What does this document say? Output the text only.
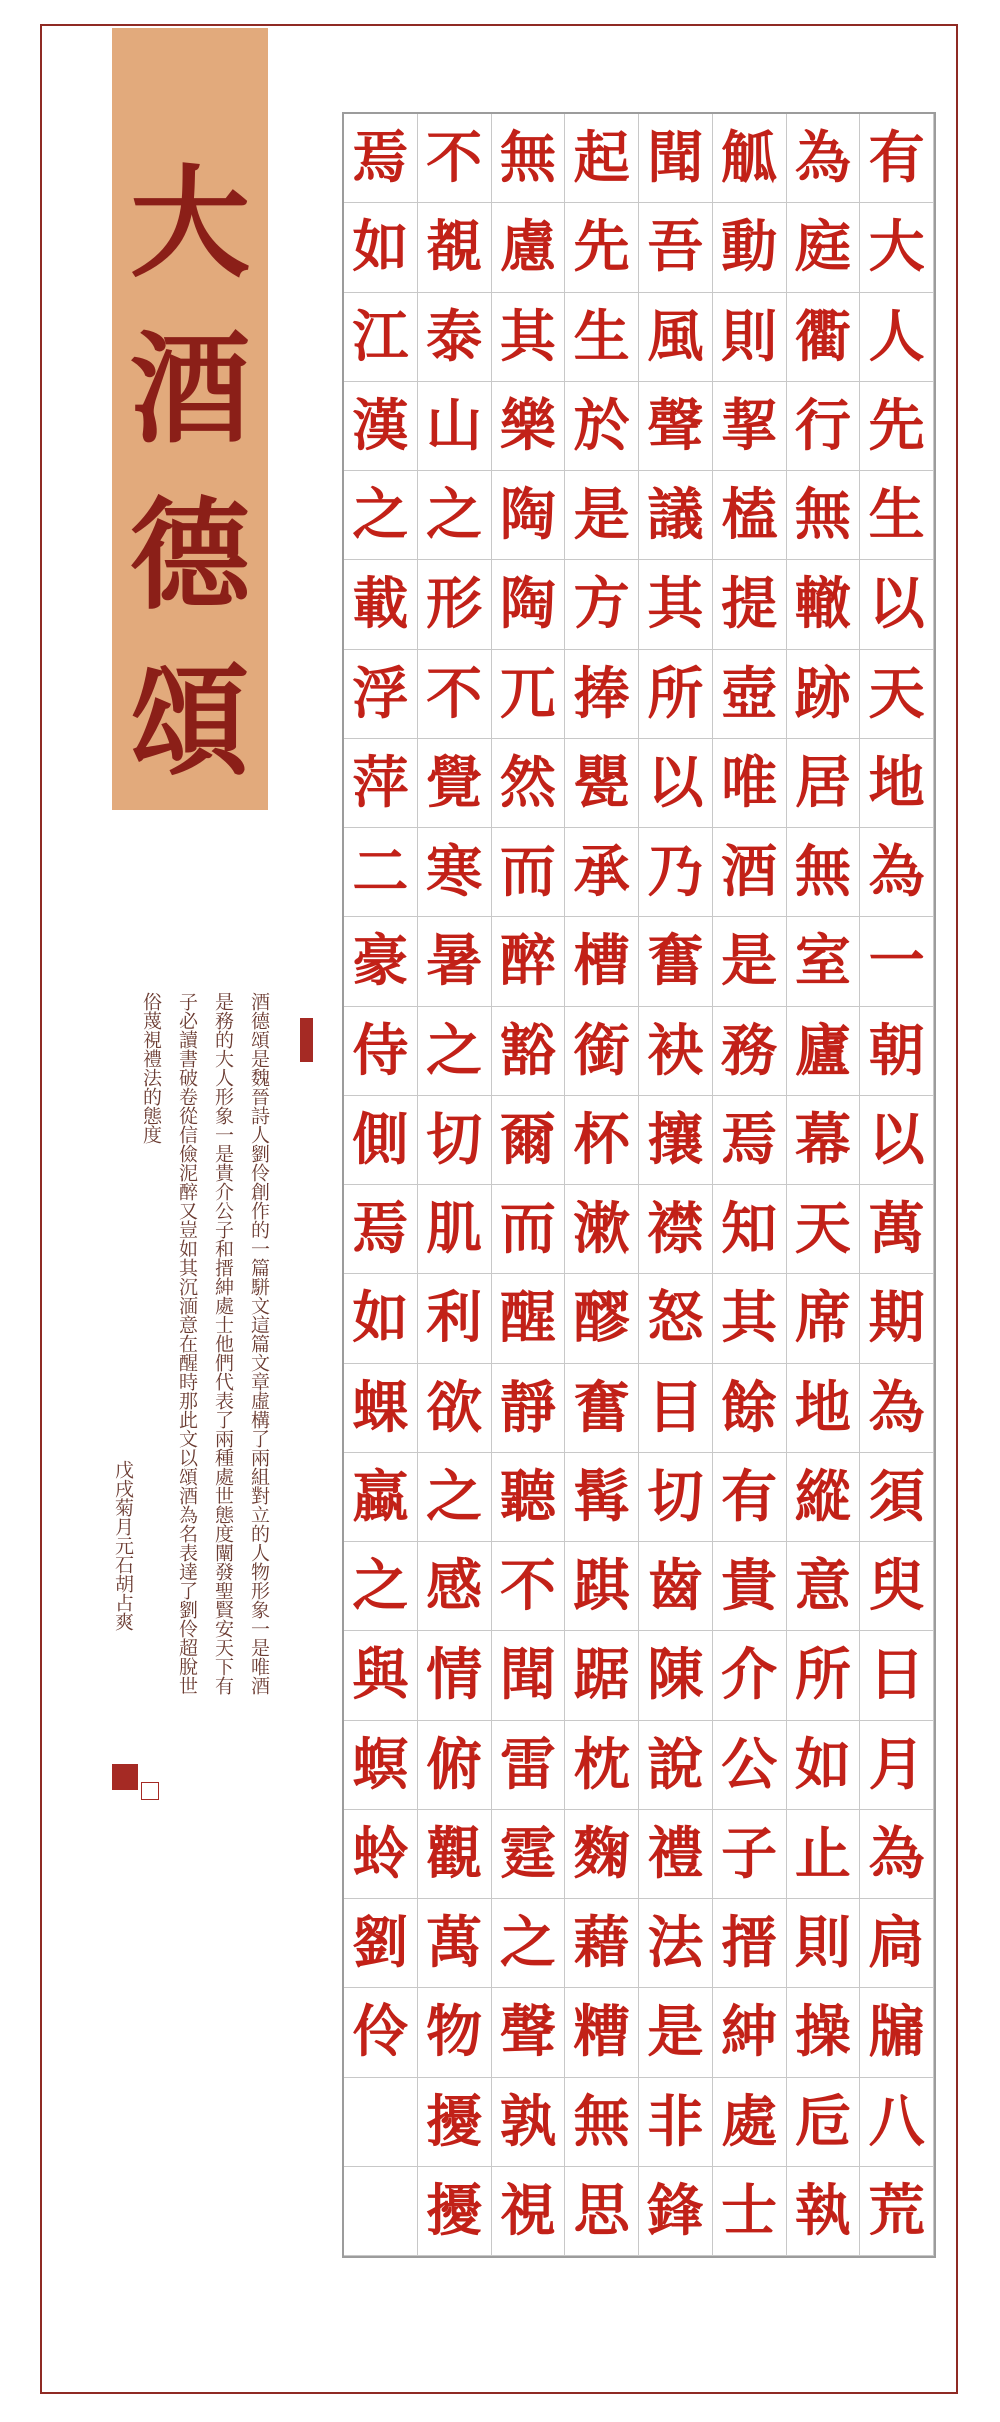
大
酒
德
頌
有
大
人
先
生
以
天
地
為
一
朝
以
萬
期
為
須
臾
日
月
為
扃
牖
八
荒
為
庭
衢
行
無
轍
跡
居
無
室
廬
幕
天
席
地
縱
意
所
如
止
則
操
卮
執
觚
動
則
挈
榼
提
壺
唯
酒
是
務
焉
知
其
餘
有
貴
介
公
子
搢
紳
處
士
聞
吾
風
聲
議
其
所
以
乃
奮
袂
攘
襟
怒
目
切
齒
陳
說
禮
法
是
非
鋒
起
先
生
於
是
方
捧
甖
承
槽
銜
杯
漱
醪
奮
髯
踑
踞
枕
麴
藉
糟
無
思
無
慮
其
樂
陶
陶
兀
然
而
醉
豁
爾
而
醒
靜
聽
不
聞
雷
霆
之
聲
孰
視
不
覩
泰
山
之
形
不
覺
寒
暑
之
切
肌
利
欲
之
感
情
俯
觀
萬
物
擾
擾
焉
如
江
漢
之
載
浮
萍
二
豪
侍
側
焉
如
蜾
蠃
之
與
螟
蛉
劉
伶
酒德頌是魏晉詩人劉伶創作的一篇駢文這篇文章虛構了兩組對立的人物形象一是唯酒
是務的大人形象一是貴介公子和搢紳處士他們代表了兩種處世態度闡發聖賢安天下有
子必讀書破卷從信儉泥醉又豈如其沉湎意在醒時那此文以頌酒為名表達了劉伶超脫世
俗蔑視禮法的態度
戊戌菊月元石胡占爽
